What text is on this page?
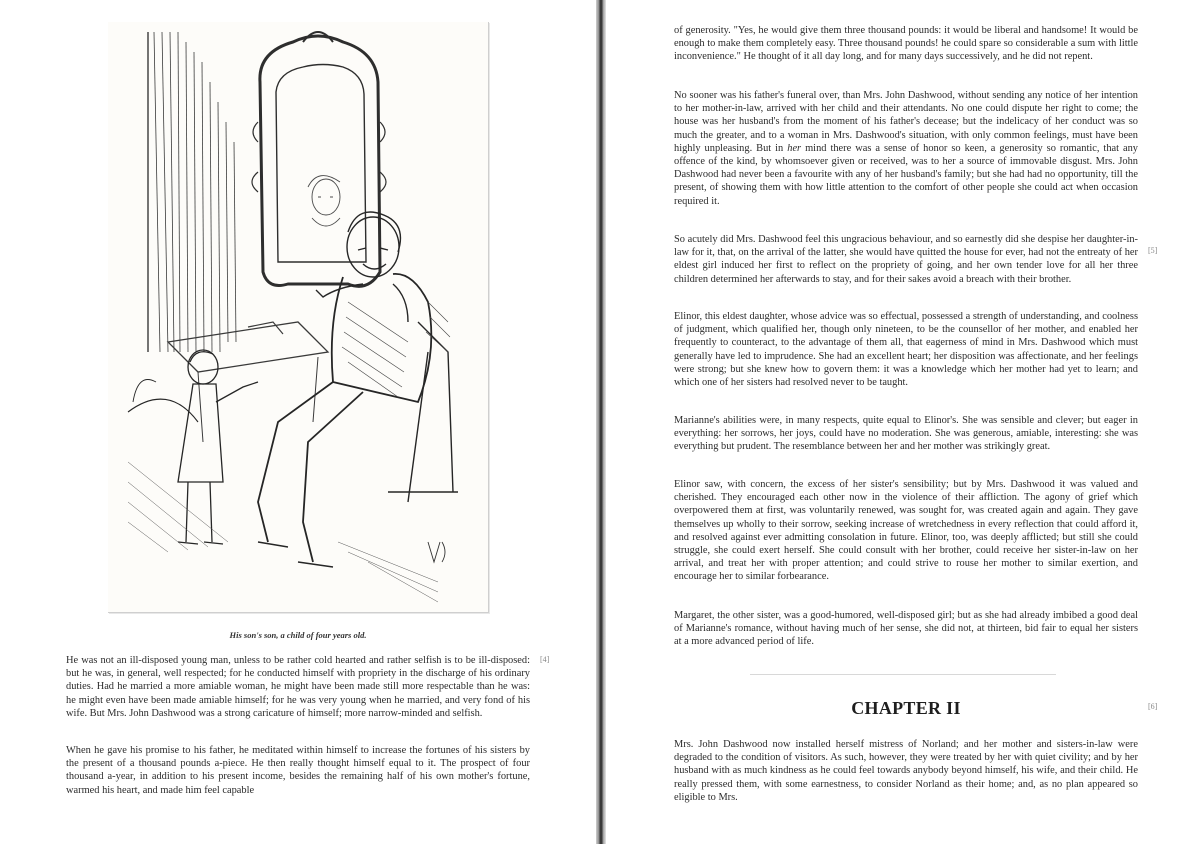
His son's son, a child of four years old.

He was not an ill-disposed young man, unless to be rather cold hearted and rather selfish is to be ill-disposed: but he was, in general, well respected; for he conducted himself with propriety in the discharge of his ordinary duties. Had he married a more amiable woman, he might have been made still more respectable than he was: he might even have been made amiable himself; for he was very young when he married, and very fond of his wife. But Mrs. John Dashwood was a strong caricature of himself; more narrow-minded and selfish.

[4]

When he gave his promise to his father, he meditated within himself to increase the fortunes of his sisters by the present of a thousand pounds a-piece. He then really thought himself equal to it. The prospect of four thousand a-year, in addition to his present income, besides the remaining half of his own mother's fortune, warmed his heart, and made him feel capable

of generosity. "Yes, he would give them three thousand pounds: it would be liberal and handsome! It would be enough to make them completely easy. Three thousand pounds! he could spare so considerable a sum with little inconvenience." He thought of it all day long, and for many days successively, and he did not repent.

No sooner was his father's funeral over, than Mrs. John Dashwood, without sending any notice of her intention to her mother-in-law, arrived with her child and their attendants. No one could dispute her right to come; the house was her husband's from the moment of his father's decease; but the indelicacy of her conduct was so much the greater, and to a woman in Mrs. Dashwood's situation, with only common feelings, must have been highly unpleasing. But in her mind there was a sense of honor so keen, a generosity so romantic, that any offence of the kind, by whomsoever given or received, was to her a source of immovable disgust. Mrs. John Dashwood had never been a favourite with any of her husband's family; but she had had no opportunity, till the present, of showing them with how little attention to the comfort of other people she could act when occasion required it.

So acutely did Mrs. Dashwood feel this ungracious behaviour, and so earnestly did she despise her daughter-in-law for it, that, on the arrival of the latter, she would have quitted the house for ever, had not the entreaty of her eldest girl induced her first to reflect on the propriety of going, and her own tender love for all her three children determined her afterwards to stay, and for their sakes avoid a breach with their brother.

[5]

Elinor, this eldest daughter, whose advice was so effectual, possessed a strength of understanding, and coolness of judgment, which qualified her, though only nineteen, to be the counsellor of her mother, and enabled her frequently to counteract, to the advantage of them all, that eagerness of mind in Mrs. Dashwood which must generally have led to imprudence. She had an excellent heart; her disposition was affectionate, and her feelings were strong; but she knew how to govern them: it was a knowledge which her mother had yet to learn; and which one of her sisters had resolved never to be taught.

Marianne's abilities were, in many respects, quite equal to Elinor's. She was sensible and clever; but eager in everything: her sorrows, her joys, could have no moderation. She was generous, amiable, interesting: she was everything but prudent. The resemblance between her and her mother was strikingly great.

Elinor saw, with concern, the excess of her sister's sensibility; but by Mrs. Dashwood it was valued and cherished. They encouraged each other now in the violence of their affliction. The agony of grief which overpowered them at first, was voluntarily renewed, was sought for, was created again and again. They gave themselves up wholly to their sorrow, seeking increase of wretchedness in every reflection that could afford it, and resolved against ever admitting consolation in future. Elinor, too, was deeply afflicted; but still she could struggle, she could exert herself. She could consult with her brother, could receive her sister-in-law on her arrival, and treat her with proper attention; and could strive to rouse her mother to similar exertion, and encourage her to similar forbearance.

Margaret, the other sister, was a good-humored, well-disposed girl; but as she had already imbibed a good deal of Marianne's romance, without having much of her sense, she did not, at thirteen, bid fair to equal her sisters at a more advanced period of life.

CHAPTER II	[6]

Mrs. John Dashwood now installed herself mistress of Norland; and her mother and sisters-in-law were degraded to the condition of visitors. As such, however, they were treated by her with quiet civility; and by her husband with as much kindness as he could feel towards anybody beyond himself, his wife, and their child. He really pressed them, with some earnestness, to consider Norland as their home; and, as no plan appeared so eligible to Mrs.
